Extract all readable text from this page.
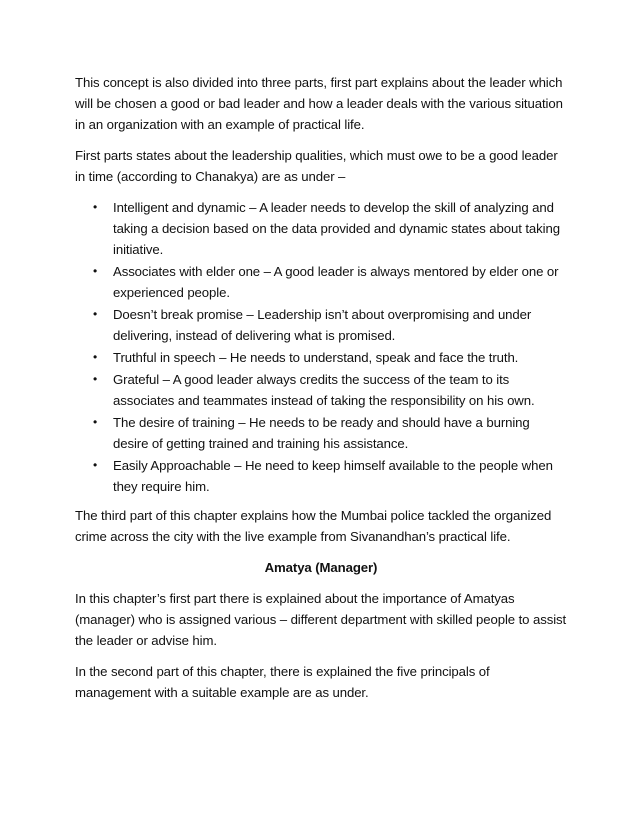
This concept is also divided into three parts, first part explains about the leader which will be chosen a good or bad leader and how a leader deals with the various situation in an organization with an example of practical life.

First parts states about the leadership qualities, which must owe to be a good leader in time (according to Chanakya) are as under –

• Intelligent and dynamic – A leader needs to develop the skill of analyzing and taking a decision based on the data provided and dynamic states about taking initiative.
• Associates with elder one – A good leader is always mentored by elder one or experienced people.
• Doesn’t break promise – Leadership isn’t about overpromising and under delivering, instead of delivering what is promised.
• Truthful in speech – He needs to understand, speak and face the truth.
• Grateful – A good leader always credits the success of the team to its associates and teammates instead of taking the responsibility on his own.
• The desire of training – He needs to be ready and should have a burning desire of getting trained and training his assistance.
• Easily Approachable – He need to keep himself available to the people when they require him.

The third part of this chapter explains how the Mumbai police tackled the organized crime across the city with the live example from Sivanandhan’s practical life.

Amatya (Manager)

In this chapter’s first part there is explained about the importance of Amatyas (manager) who is assigned various – different department with skilled people to assist the leader or advise him.

In the second part of this chapter, there is explained the five principals of management with a suitable example are as under.
